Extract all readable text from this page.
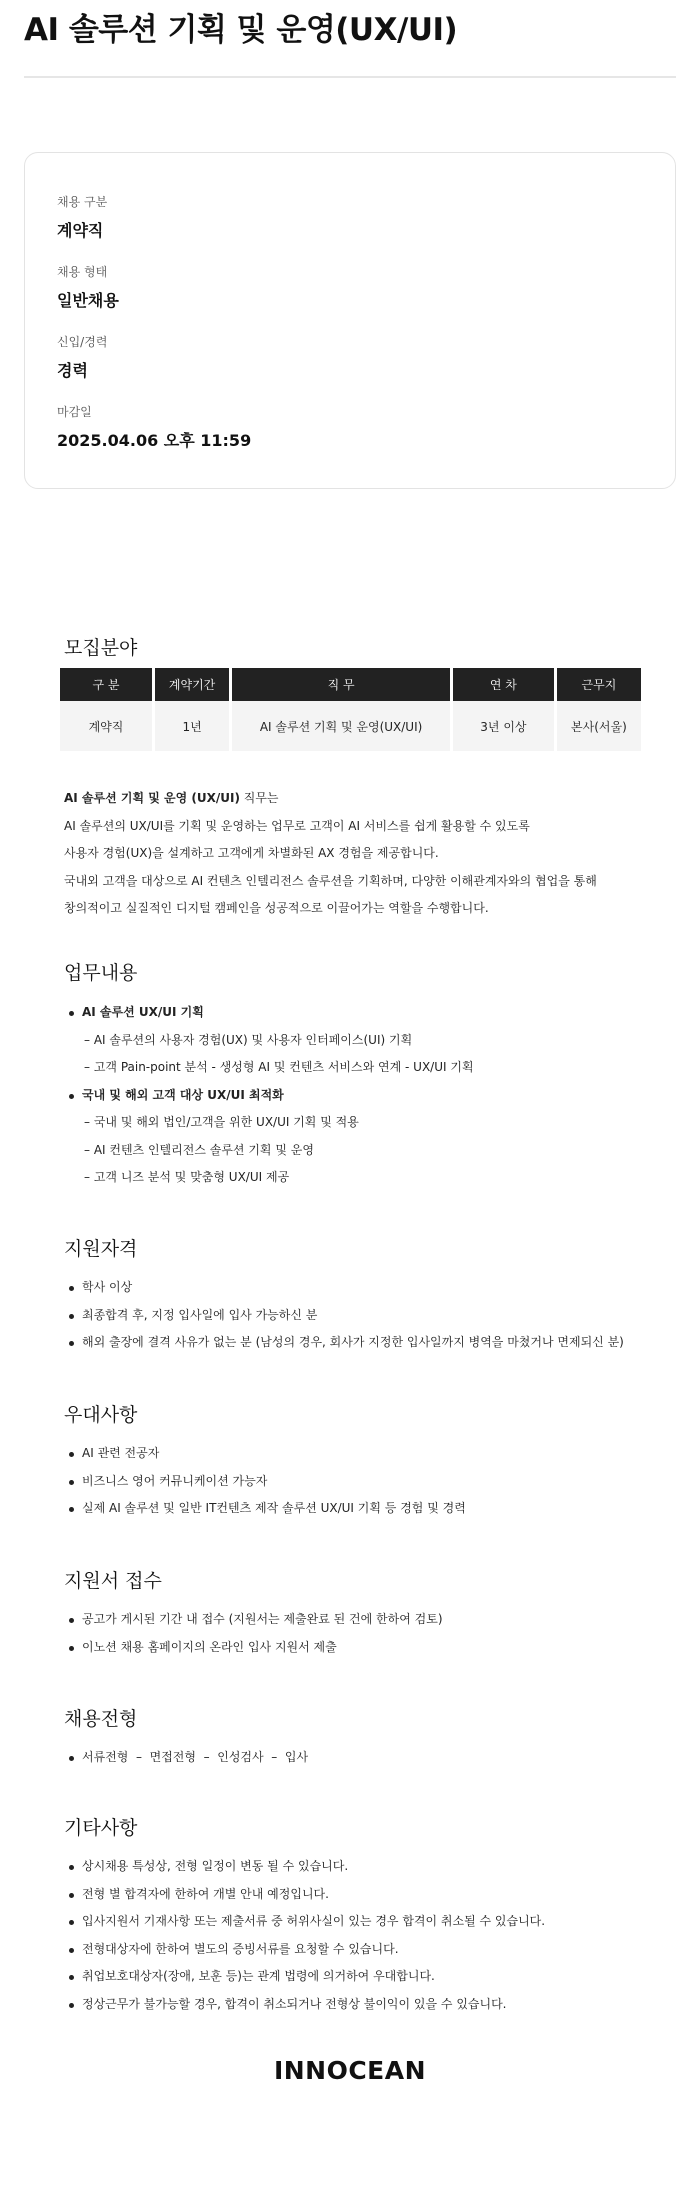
AI 솔루션 기획 및 운영(UX/UI)
채용 구분
계약직
채용 형태
일반채용
신입/경력
경력
마감일
2025.04.06 오후 11:59
모집분야
구 분	계약기간	직 무	연 차	근무지
계약직	1년	AI 솔루션 기획 및 운영(UX/UI)	3년 이상	본사(서울)
AI 솔루션 기획 및 운영 (UX/UI) 직무는
AI 솔루션의 UX/UI를 기획 및 운영하는 업무로 고객이 AI 서비스를 쉽게 활용할 수 있도록
사용자 경험(UX)을 설계하고 고객에게 차별화된 AX 경험을 제공합니다.
국내외 고객을 대상으로 AI 컨텐츠 인텔리전스 솔루션을 기획하며, 다양한 이해관계자와의 협업을 통해
창의적이고 실질적인 디지털 캠페인을 성공적으로 이끌어가는 역할을 수행합니다.
업무내용
AI 솔루션 UX/UI 기획
– AI 솔루션의 사용자 경험(UX) 및 사용자 인터페이스(UI) 기획
– 고객 Pain-point 분석 - 생성형 AI 및 컨텐츠 서비스와 연계 - UX/UI 기획
국내 및 해외 고객 대상 UX/UI 최적화
– 국내 및 해외 법인/고객을 위한 UX/UI 기획 및 적용
– AI 컨텐츠 인텔리전스 솔루션 기획 및 운영
– 고객 니즈 분석 및 맞춤형 UX/UI 제공
지원자격
학사 이상
최종합격 후, 지정 입사일에 입사 가능하신 분
해외 출장에 결격 사유가 없는 분 (남성의 경우, 회사가 지정한 입사일까지 병역을 마쳤거나 면제되신 분)
우대사항
AI 관련 전공자
비즈니스 영어 커뮤니케이션 가능자
실제 AI 솔루션 및 일반 IT컨텐츠 제작 솔루션 UX/UI 기획 등 경험 및 경력
지원서 접수
공고가 게시된 기간 내 접수 (지원서는 제출완료 된 건에 한하여 검토)
이노션 채용 홈페이지의 온라인 입사 지원서 제출
채용전형
서류전형  –  면접전형  –  인성검사  –  입사
기타사항
상시채용 특성상, 전형 일정이 변동 될 수 있습니다.
전형 별 합격자에 한하여 개별 안내 예정입니다.
입사지원서 기재사항 또는 제출서류 중 허위사실이 있는 경우 합격이 취소될 수 있습니다.
전형대상자에 한하여 별도의 증빙서류를 요청할 수 있습니다.
취업보호대상자(장애, 보훈 등)는 관계 법령에 의거하여 우대합니다.
정상근무가 불가능할 경우, 합격이 취소되거나 전형상 불이익이 있을 수 있습니다.
INNOCEAN
